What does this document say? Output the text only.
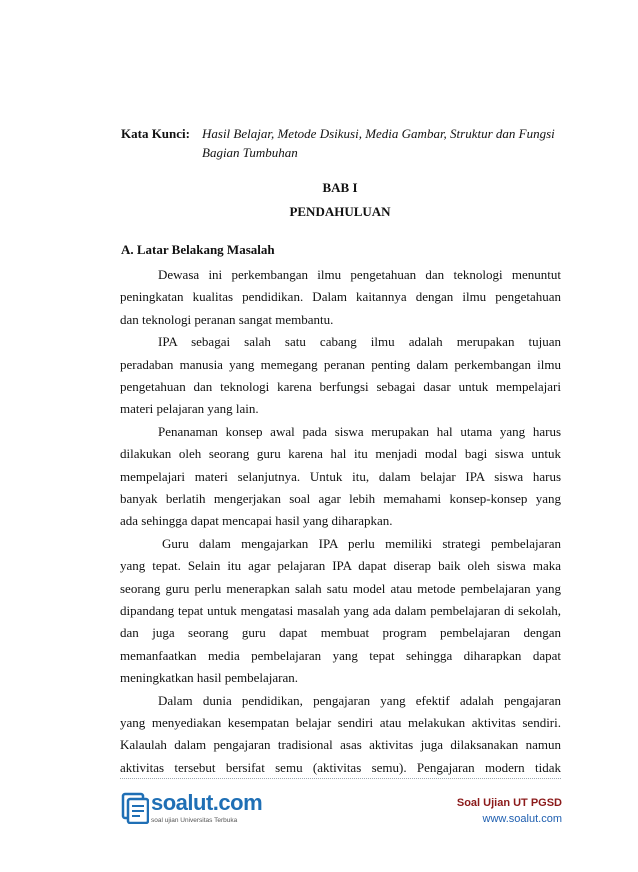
Kata Kunci: Hasil Belajar, Metode Dsikusi, Media Gambar, Struktur dan Fungsi
Bagian Tumbuhan
BAB I
PENDAHULUAN
A. Latar Belakang Masalah
Dewasa ini perkembangan ilmu pengetahuan dan teknologi menuntut
peningkatan kualitas pendidikan. Dalam kaitannya dengan ilmu pengetahuan
dan teknologi peranan sangat membantu.
IPA sebagai salah satu cabang ilmu adalah merupakan tujuan
peradaban manusia yang memegang peranan penting dalam perkembangan ilmu
pengetahuan dan teknologi karena berfungsi sebagai dasar untuk mempelajari
materi pelajaran yang lain.
Penanaman konsep awal pada siswa merupakan hal utama yang harus
dilakukan oleh seorang guru karena hal itu menjadi modal bagi siswa untuk
mempelajari materi selanjutnya. Untuk itu, dalam belajar IPA siswa harus
banyak berlatih mengerjakan soal agar lebih memahami konsep-konsep yang
ada sehingga dapat mencapai hasil yang diharapkan.
Guru dalam mengajarkan IPA perlu memiliki strategi pembelajaran
yang tepat. Selain itu agar pelajaran IPA dapat diserap baik oleh siswa maka
seorang guru perlu menerapkan salah satu model atau metode pembelajaran yang
dipandang tepat untuk mengatasi masalah yang ada dalam pembelajaran di sekolah,
dan juga seorang guru dapat membuat program pembelajaran dengan
memanfaatkan media pembelajaran yang tepat sehingga diharapkan dapat
meningkatkan hasil pembelajaran.
Dalam dunia pendidikan, pengajaran yang efektif adalah pengajaran
yang menyediakan kesempatan belajar sendiri atau melakukan aktivitas sendiri.
Kalaulah dalam pengajaran tradisional asas aktivitas juga dilaksanakan namun
aktivitas tersebut bersifat semu (aktivitas semu). Pengajaran modern tidak
soalut.com
soal ujian Universitas Terbuka
Soal Ujian UT PGSD
www.soalut.com
